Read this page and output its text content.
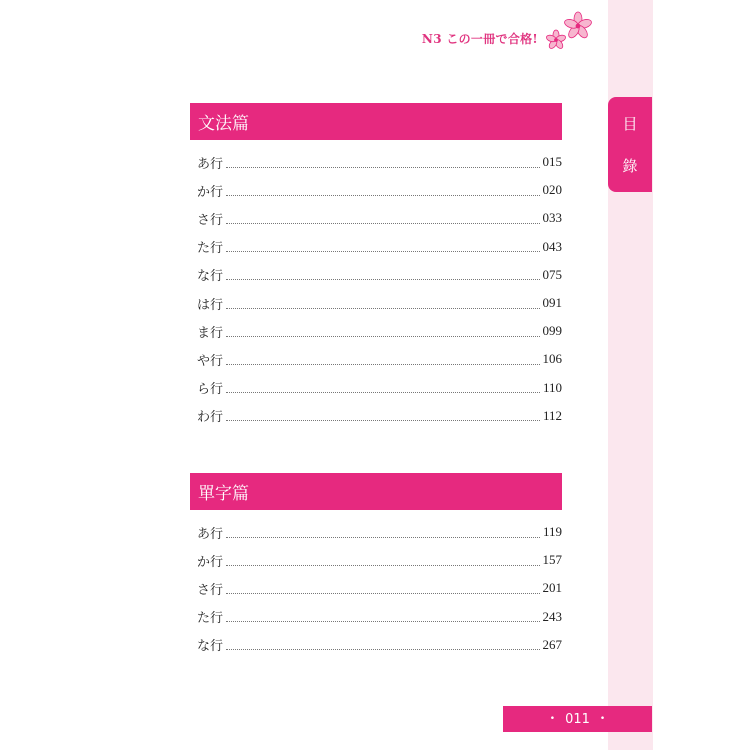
N3 この一冊で合格!
目
錄
文法篇
あ行	015
か行	020
さ行	033
た行	043
な行	075
は行	091
ま行	099
や行	106
ら行	110
わ行	112
單字篇
あ行	119
か行	157
さ行	201
た行	243
な行	267
• 011 •
